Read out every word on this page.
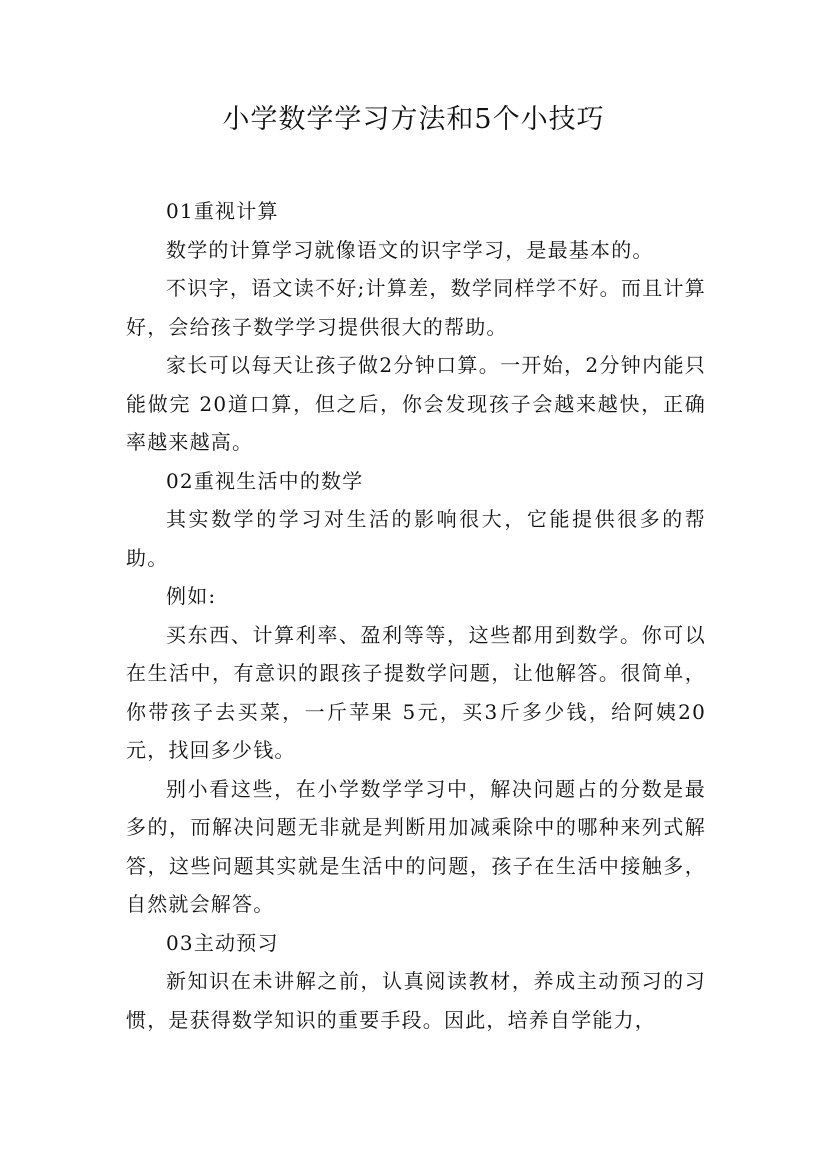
小学数学学习方法和5个小技巧

01重视计算

数学的计算学习就像语文的识字学习，是最基本的。

不识字，语文读不好;计算差，数学同样学不好。而且计算好，会给孩子数学学习提供很大的帮助。

家长可以每天让孩子做2分钟口算。一开始，2分钟内能只能做完 20道口算，但之后，你会发现孩子会越来越快，正确率越来越高。

02重视生活中的数学

其实数学的学习对生活的影响很大，它能提供很多的帮助。

例如:

买东西、计算利率、盈利等等，这些都用到数学。你可以在生活中，有意识的跟孩子提数学问题，让他解答。很简单，你带孩子去买菜，一斤苹果 5元，买3斤多少钱，给阿姨20元，找回多少钱。

别小看这些，在小学数学学习中，解决问题占的分数是最多的，而解决问题无非就是判断用加减乘除中的哪种来列式解答，这些问题其实就是生活中的问题，孩子在生活中接触多，自然就会解答。

03主动预习

新知识在未讲解之前，认真阅读教材，养成主动预习的习惯，是获得数学知识的重要手段。因此，培养自学能力，
